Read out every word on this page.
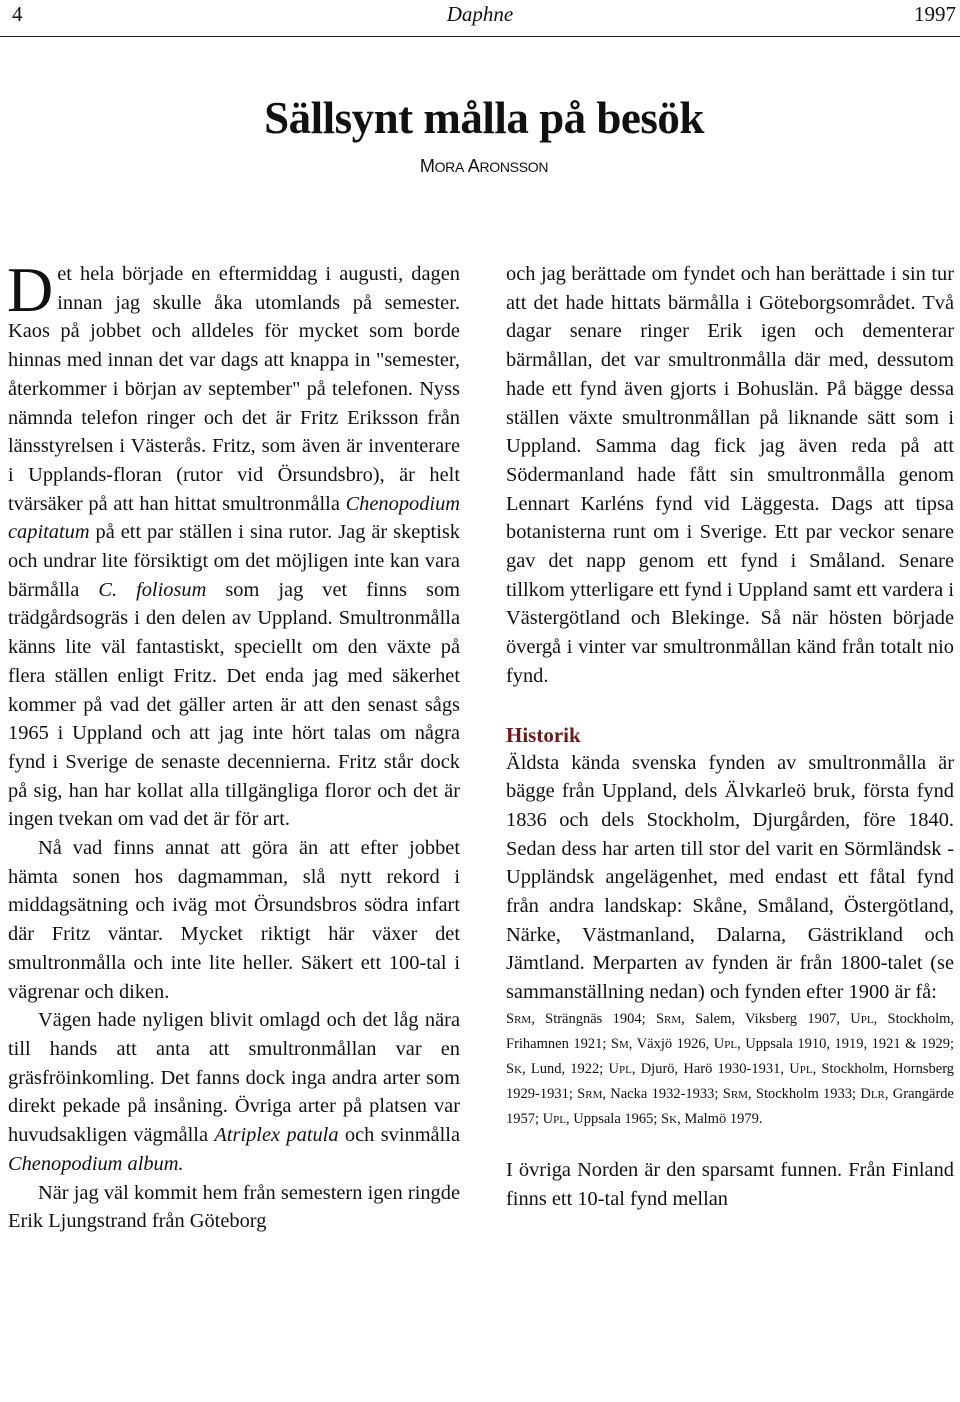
4	Daphne	1997
Sällsynt målla på besök
MORA ARONSSON

Det hela började en eftermiddag i augusti, dagen innan jag skulle åka utomlands på semester. Kaos på jobbet och alldeles för mycket som borde hinnas med innan det var dags att knappa in "semester, återkommer i början av september" på telefonen. Nyss nämnda telefon ringer och det är Fritz Eriksson från länsstyrelsen i Västerås. Fritz, som även är inventerare i Upplands-floran (rutor vid Örsundsbro), är helt tvärsäker på att han hittat smultronmålla Chenopodium capitatum på ett par ställen i sina rutor. Jag är skeptisk och undrar lite försiktigt om det möjligen inte kan vara bärmålla C. foliosum som jag vet finns som trädgårdsogräs i den delen av Uppland. Smultronmålla känns lite väl fantastiskt, speciellt om den växte på flera ställen enligt Fritz. Det enda jag med säkerhet kommer på vad det gäller arten är att den senast sågs 1965 i Uppland och att jag inte hört talas om några fynd i Sverige de senaste decennierna. Fritz står dock på sig, han har kollat alla tillgängliga floror och det är ingen tvekan om vad det är för art.

Nå vad finns annat att göra än att efter jobbet hämta sonen hos dagmamman, slå nytt rekord i middagsätning och iväg mot Örsundsbros södra infart där Fritz väntar. Mycket riktigt här växer det smultronmålla och inte lite heller. Säkert ett 100-tal i vägrenar och diken.

Vägen hade nyligen blivit omlagd och det låg nära till hands att anta att smultronmållan var en gräsfröinkomling. Det fanns dock inga andra arter som direkt pekade på insåning. Övriga arter på platsen var huvudsakligen vägmålla Atriplex patula och svinmålla Chenopodium album.

När jag väl kommit hem från semestern igen ringde Erik Ljungstrand från Göteborg

och jag berättade om fyndet och han berättade i sin tur att det hade hittats bärmålla i Göteborgsområdet. Två dagar senare ringer Erik igen och dementerar bärmållan, det var smultronmålla där med, dessutom hade ett fynd även gjorts i Bohuslän. På bägge dessa ställen växte smultronmållan på liknande sätt som i Uppland. Samma dag fick jag även reda på att Södermanland hade fått sin smultronmålla genom Lennart Karléns fynd vid Läggesta. Dags att tipsa botanisterna runt om i Sverige. Ett par veckor senare gav det napp genom ett fynd i Småland. Senare tillkom ytterligare ett fynd i Uppland samt ett vardera i Västergötland och Blekinge. Så när hösten började övergå i vinter var smultronmållan känd från totalt nio fynd.

Historik

Äldsta kända svenska fynden av smultronmålla är bägge från Uppland, dels Älvkarleö bruk, första fynd 1836 och dels Stockholm, Djurgården, före 1840. Sedan dess har arten till stor del varit en Sörmländsk - Uppländsk angelägenhet, med endast ett fåtal fynd från andra landskap: Skåne, Småland, Östergötland, Närke, Västmanland, Dalarna, Gästrikland och Jämtland. Merparten av fynden är från 1800-talet (se sammanställning nedan) och fynden efter 1900 är få:

SRM, Strängnäs 1904; SRM, Salem, Viksberg 1907, UPL, Stockholm, Frihamnen 1921; SM, Växjö 1926, UPL, Uppsala 1910, 1919, 1921 & 1929; SK, Lund, 1922; UPL, Djurö, Harö 1930-1931, UPL, Stockholm, Hornsberg 1929-1931; SRM, Nacka 1932-1933; SRM, Stockholm 1933; DLR, Grangärde 1957; UPL, Uppsala 1965; SK, Malmö 1979.

I övriga Norden är den sparsamt funnen. Från Finland finns ett 10-tal fynd mellan
